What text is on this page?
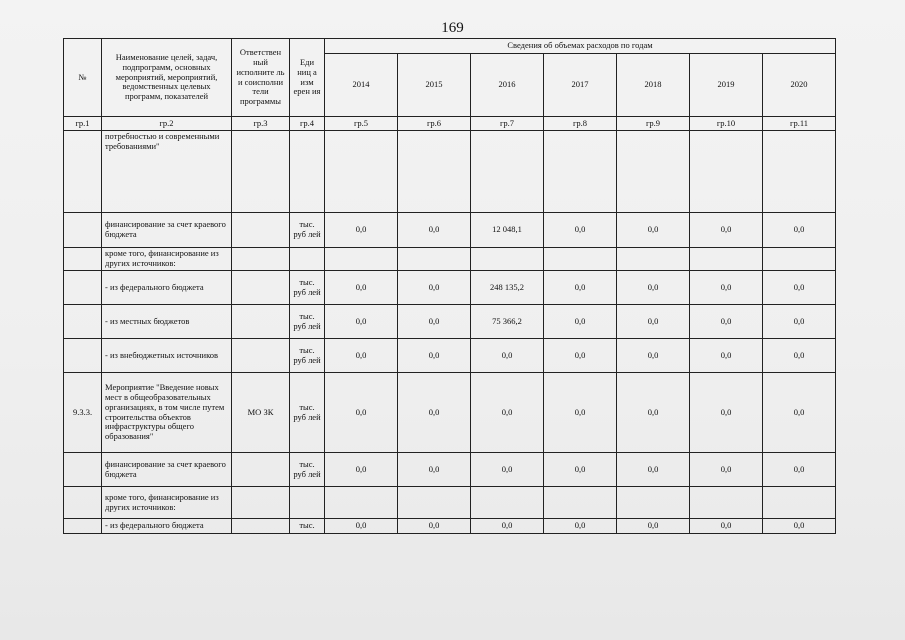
169
№	Наименование целей, задач, подпрограмм, основных мероприятий, мероприятий, ведомственных целевых программ, показателей	Ответствен ный исполните ль и соисполни тели программы	Еди ниц а изм ерен ия	Сведения об объемах расходов по годам						
				2014	2015	2016	2017	2018	2019	2020
гр.1	гр.2	гр.3	гр.4	гр.5	гр.6	гр.7	гр.8	гр.9	гр.10	гр.11
	потребностью и современными требованиями"									
	финансирование за счет краевого бюджета		тыс. руб лей	0,0	0,0	12 048,1	0,0	0,0	0,0	0,0
	кроме того, финансирование из других источников:									
	- из федерального бюджета		тыс. руб лей	0,0	0,0	248 135,2	0,0	0,0	0,0	0,0
	- из местных бюджетов		тыс. руб лей	0,0	0,0	75 366,2	0,0	0,0	0,0	0,0
	- из внебюджетных источников		тыс. руб лей	0,0	0,0	0,0	0,0	0,0	0,0	0,0
9.3.3.	Мероприятие "Введение новых мест в общеобразовательных организациях, в том числе путем строительства объектов инфраструктуры общего образования"	МО ЗК	тыс. руб лей	0,0	0,0	0,0	0,0	0,0	0,0	0,0
	финансирование за счет краевого бюджета		тыс. руб лей	0,0	0,0	0,0	0,0	0,0	0,0	0,0
	кроме того, финансирование из других источников:									
	- из федерального бюджета		тыс.	0,0	0,0	0,0	0,0	0,0	0,0	0,0
